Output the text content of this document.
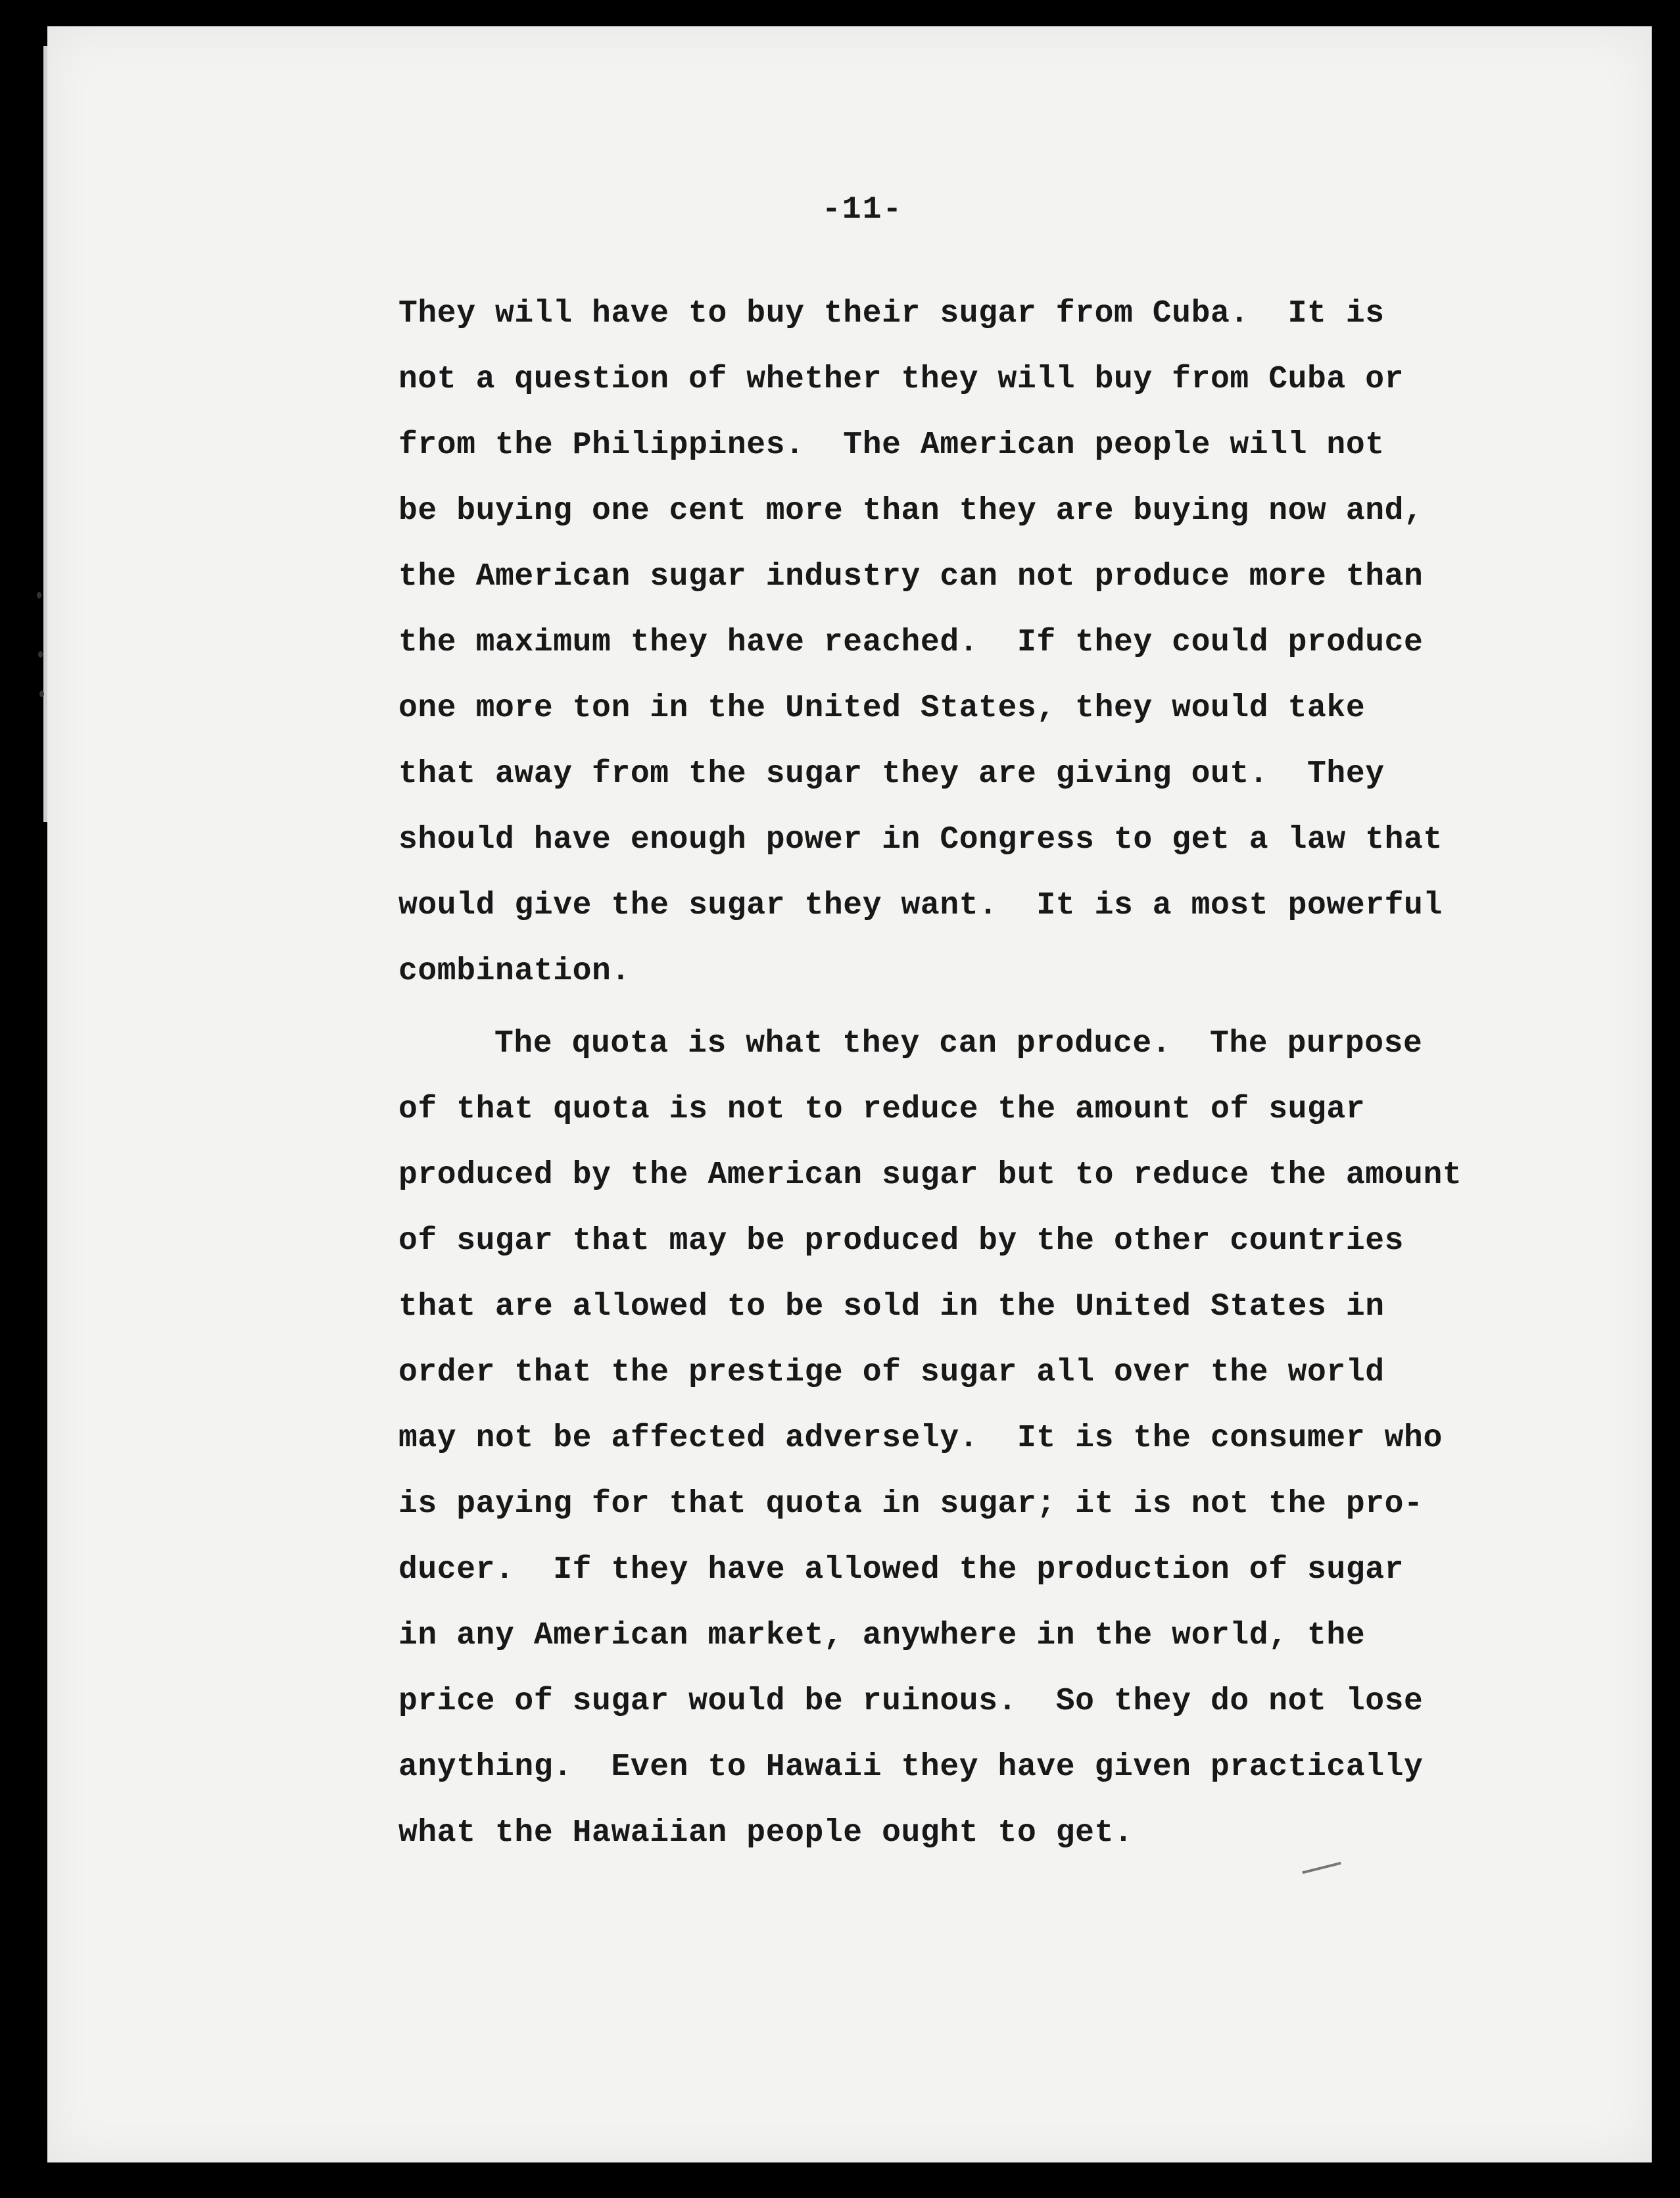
-11-
They will have to buy their sugar from Cuba.  It is
not a question of whether they will buy from Cuba or
from the Philippines.  The American people will not
be buying one cent more than they are buying now and,
the American sugar industry can not produce more than
the maximum they have reached.  If they could produce
one more ton in the United States, they would take
that away from the sugar they are giving out.  They
should have enough power in Congress to get a law that
would give the sugar they want.  It is a most powerful
combination.
The quota is what they can produce.  The purpose
of that quota is not to reduce the amount of sugar
produced by the American sugar but to reduce the amount
of sugar that may be produced by the other countries
that are allowed to be sold in the United States in
order that the prestige of sugar all over the world
may not be affected adversely.  It is the consumer who
is paying for that quota in sugar; it is not the pro-
ducer.  If they have allowed the production of sugar
in any American market, anywhere in the world, the
price of sugar would be ruinous.  So they do not lose
anything.  Even to Hawaii they have given practically
what the Hawaiian people ought to get.
